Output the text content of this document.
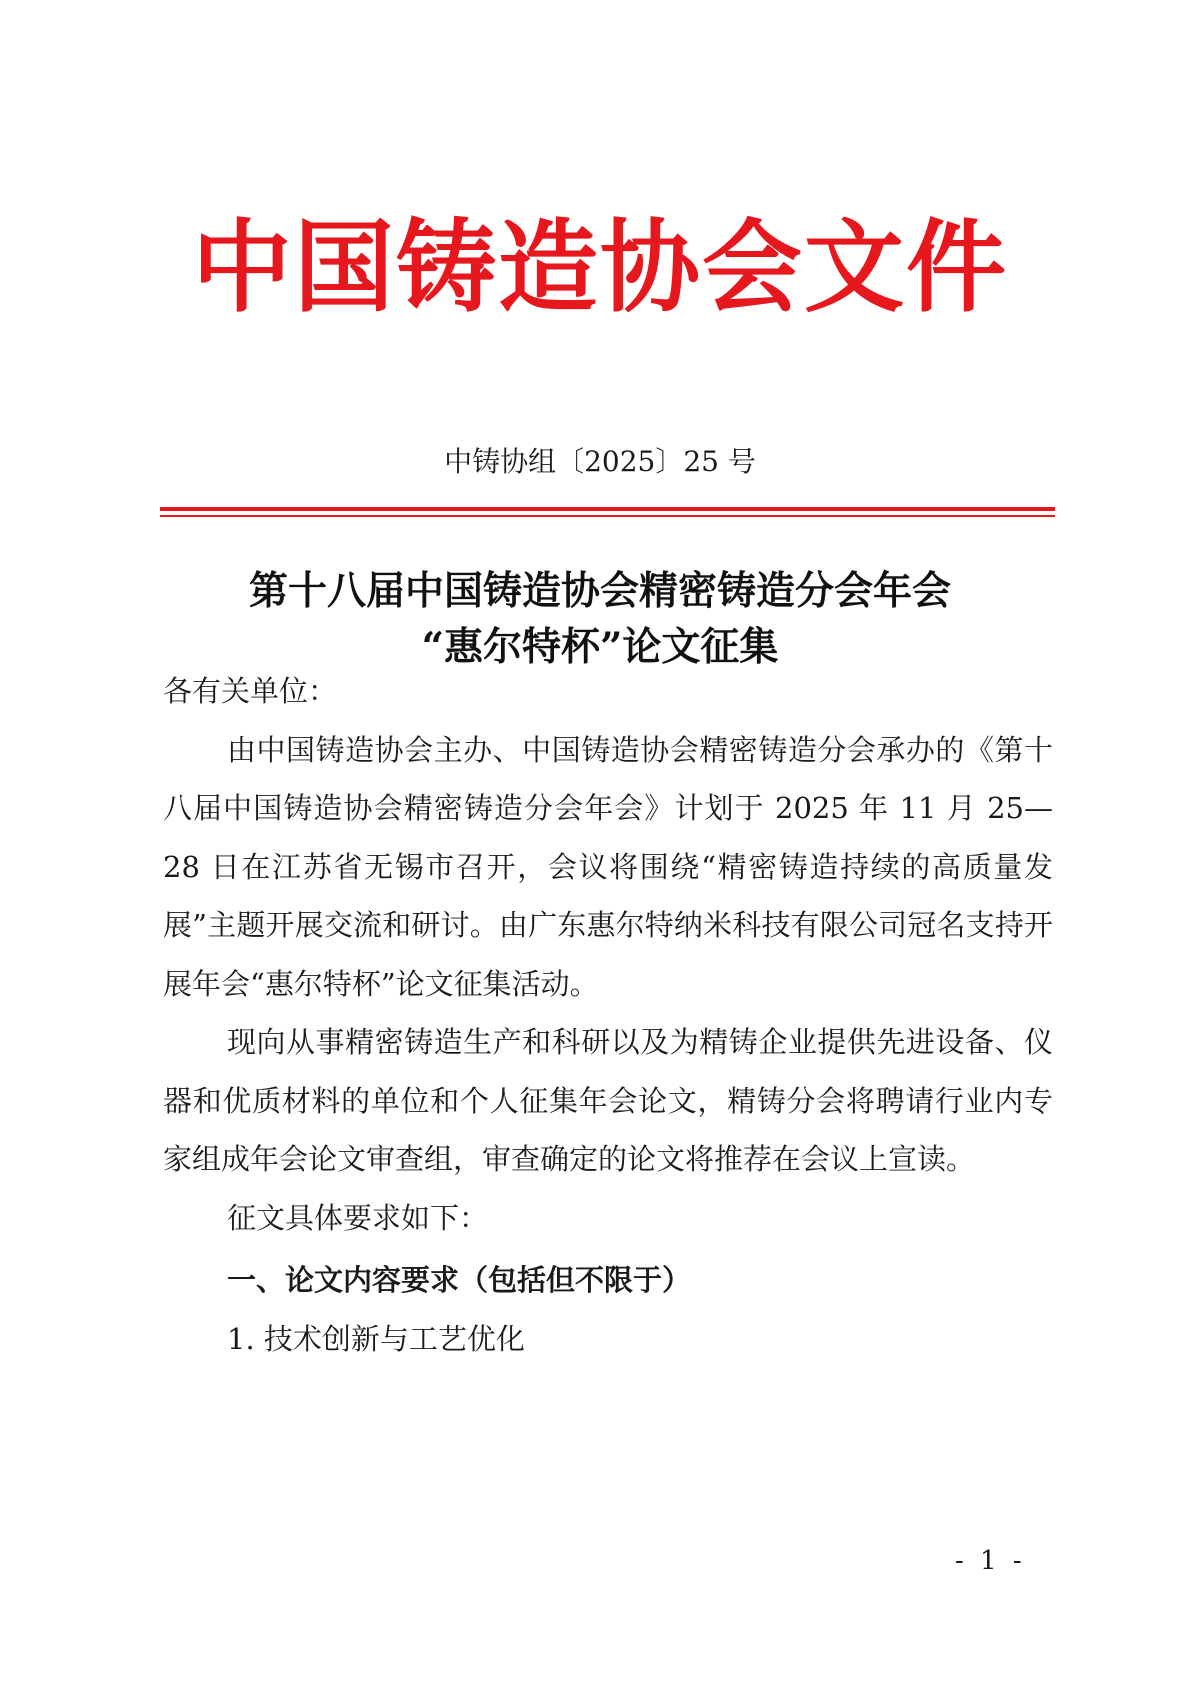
中国铸造协会文件
中铸协组〔2025〕25 号
第十八届中国铸造协会精密铸造分会年会
“惠尔特杯”论文征集

各有关单位：

由中国铸造协会主办、中国铸造协会精密铸造分会承办的《第十八届中国铸造协会精密铸造分会年会》计划于 2025 年 11 月 25—28 日在江苏省无锡市召开，会议将围绕“精密铸造持续的高质量发展”主题开展交流和研讨。由广东惠尔特纳米科技有限公司冠名支持开展年会“惠尔特杯”论文征集活动。

现向从事精密铸造生产和科研以及为精铸企业提供先进设备、仪器和优质材料的单位和个人征集年会论文，精铸分会将聘请行业内专家组成年会论文审查组，审查确定的论文将推荐在会议上宣读。

征文具体要求如下：

一、论文内容要求（包括但不限于）

1. 技术创新与工艺优化

- 1 -
